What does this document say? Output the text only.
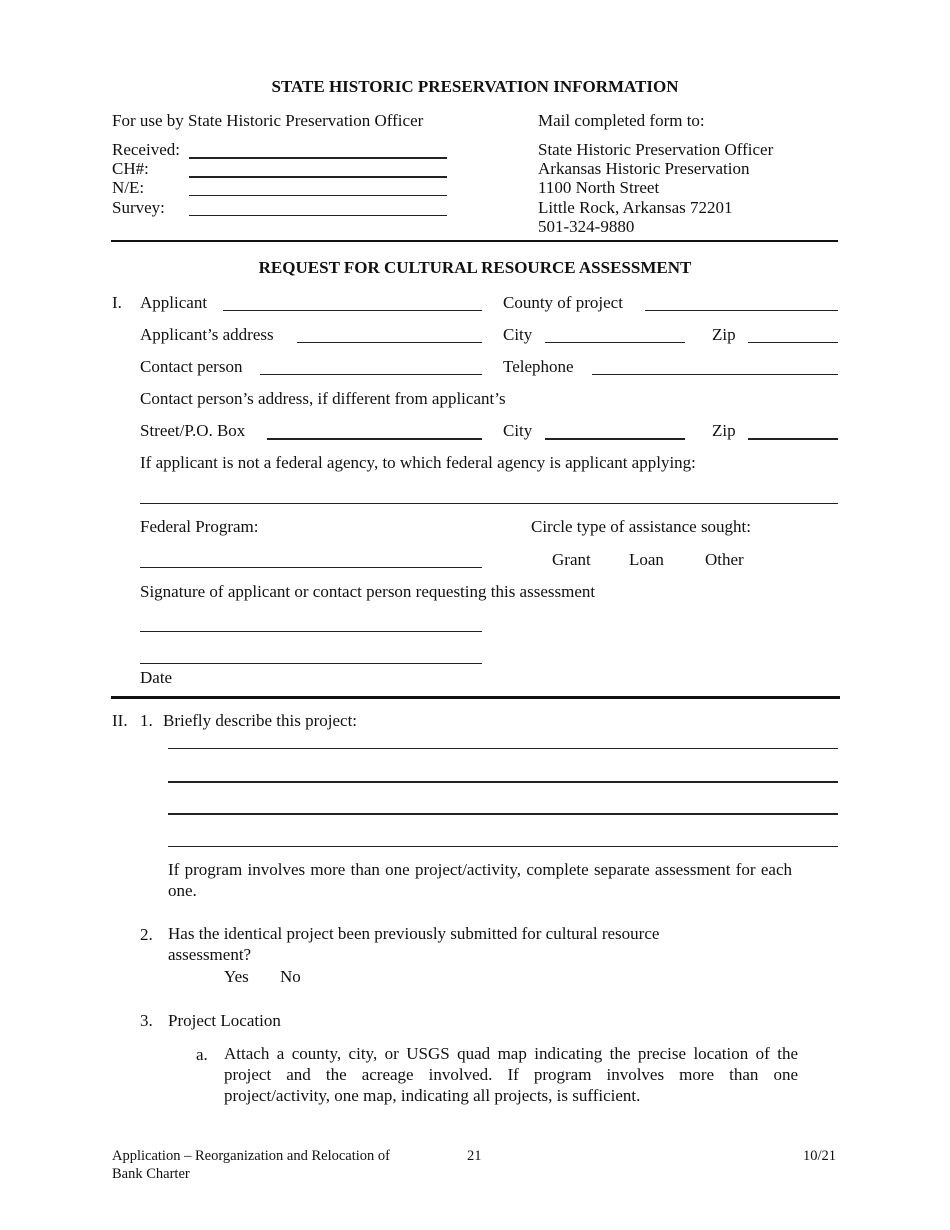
STATE HISTORIC PRESERVATION INFORMATION
For use by State Historic Preservation Officer
Received:
CH#:
N/E:
Survey:
Mail completed form to:
State Historic Preservation Officer
Arkansas Historic Preservation
1100 North Street
Little Rock, Arkansas 72201
501-324-9880
REQUEST FOR CULTURAL RESOURCE ASSESSMENT
I. Applicant	County of project
Applicant’s address	City	Zip
Contact person	Telephone
Contact person’s address, if different from applicant’s
Street/P.O. Box	City	Zip
If applicant is not a federal agency, to which federal agency is applicant applying:
Federal Program:	Circle type of assistance sought:
Grant Loan Other
Signature of applicant or contact person requesting this assessment
Date
II. 1. Briefly describe this project:
If program involves more than one project/activity, complete separate assessment for each one.
2. Has the identical project been previously submitted for cultural resource assessment?
Yes No
3. Project Location
a. Attach a county, city, or USGS quad map indicating the precise location of the project and the acreage involved. If program involves more than one project/activity, one map, indicating all projects, is sufficient.
Application – Reorganization and Relocation of Bank Charter
21	10/21
